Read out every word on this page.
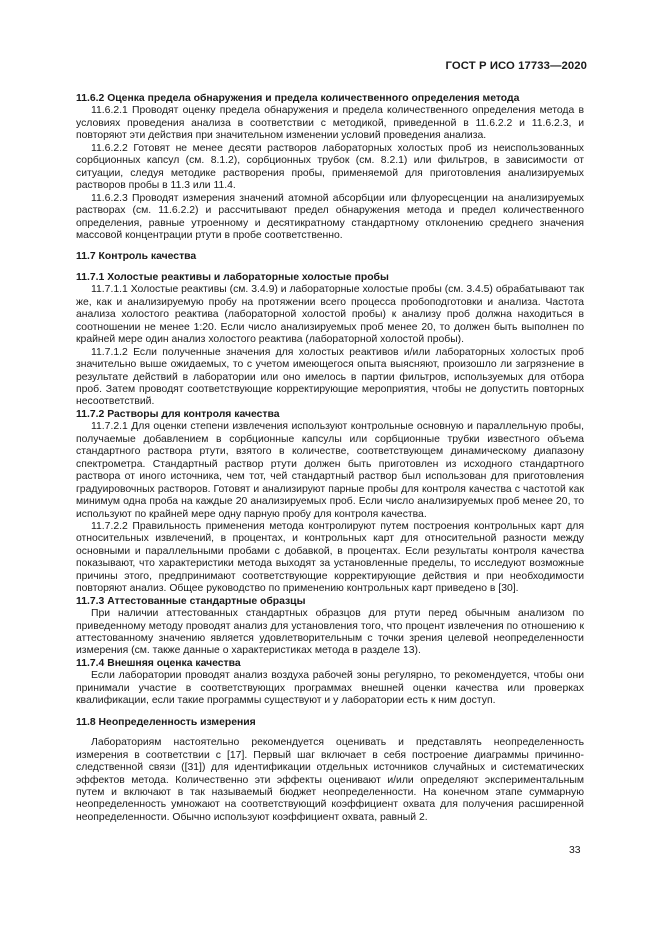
ГОСТ Р ИСО 17733—2020

11.6.2 Оценка предела обнаружения и предела количественного определения метода

11.6.2.1 Проводят оценку предела обнаружения и предела количественного определения метода в условиях проведения анализа в соответствии с методикой, приведенной в 11.6.2.2 и 11.6.2.3, и повторяют эти действия при значительном изменении условий проведения анализа.

11.6.2.2 Готовят не менее десяти растворов лабораторных холостых проб из неиспользованных сорбционных капсул (см. 8.1.2), сорбционных трубок (см. 8.2.1) или фильтров, в зависимости от ситуации, следуя методике растворения пробы, применяемой для приготовления анализируемых растворов пробы в 11.3 или 11.4.

11.6.2.3 Проводят измерения значений атомной абсорбции или флуоресценции на анализируемых растворах (см. 11.6.2.2) и рассчитывают предел обнаружения метода и предел количественного определения, равные утроенному и десятикратному стандартному отклонению среднего значения массовой концентрации ртути в пробе соответственно.

11.7 Контроль качества

11.7.1 Холостые реактивы и лабораторные холостые пробы

11.7.1.1 Холостые реактивы (см. 3.4.9) и лабораторные холостые пробы (см. 3.4.5) обрабатывают так же, как и анализируемую пробу на протяжении всего процесса пробоподготовки и анализа. Частота анализа холостого реактива (лабораторной холостой пробы) к анализу проб должна находиться в соотношении не менее 1:20. Если число анализируемых проб менее 20, то должен быть выполнен по крайней мере один анализ холостого реактива (лабораторной холостой пробы).

11.7.1.2 Если полученные значения для холостых реактивов и/или лабораторных холостых проб значительно выше ожидаемых, то с учетом имеющегося опыта выясняют, произошло ли загрязнение в результате действий в лаборатории или оно имелось в партии фильтров, используемых для отбора проб. Затем проводят соответствующие корректирующие мероприятия, чтобы не допустить повторных несоответствий.

11.7.2 Растворы для контроля качества

11.7.2.1 Для оценки степени извлечения используют контрольные основную и параллельную пробы, получаемые добавлением в сорбционные капсулы или сорбционные трубки известного объема стандартного раствора ртути, взятого в количестве, соответствующем динамическому диапазону спектрометра. Стандартный раствор ртути должен быть приготовлен из исходного стандартного раствора от иного источника, чем тот, чей стандартный раствор был использован для приготовления градуировочных растворов. Готовят и анализируют парные пробы для контроля качества с частотой как минимум одна проба на каждые 20 анализируемых проб. Если число анализируемых проб менее 20, то используют по крайней мере одну парную пробу для контроля качества.

11.7.2.2 Правильность применения метода контролируют путем построения контрольных карт для относительных извлечений, в процентах, и контрольных карт для относительной разности между основными и параллельными пробами с добавкой, в процентах. Если результаты контроля качества показывают, что характеристики метода выходят за установленные пределы, то исследуют возможные причины этого, предпринимают соответствующие корректирующие действия и при необходимости повторяют анализ. Общее руководство по применению контрольных карт приведено в [30].

11.7.3 Аттестованные стандартные образцы

При наличии аттестованных стандартных образцов для ртути перед обычным анализом по приведенному методу проводят анализ для установления того, что процент извлечения по отношению к аттестованному значению является удовлетворительным с точки зрения целевой неопределенности измерения (см. также данные о характеристиках метода в разделе 13).

11.7.4 Внешняя оценка качества

Если лаборатории проводят анализ воздуха рабочей зоны регулярно, то рекомендуется, чтобы они принимали участие в соответствующих программах внешней оценки качества или проверках квалификации, если такие программы существуют и у лаборатории есть к ним доступ.

11.8 Неопределенность измерения

Лабораториям настоятельно рекомендуется оценивать и представлять неопределенность измерения в соответствии с [17]. Первый шаг включает в себя построение диаграммы причинно-следственной связи ([31]) для идентификации отдельных источников случайных и систематических эффектов метода. Количественно эти эффекты оценивают и/или определяют экспериментальным путем и включают в так называемый бюджет неопределенности. На конечном этапе суммарную неопределенность умножают на соответствующий коэффициент охвата для получения расширенной неопределенности. Обычно используют коэффициент охвата, равный 2.

33
